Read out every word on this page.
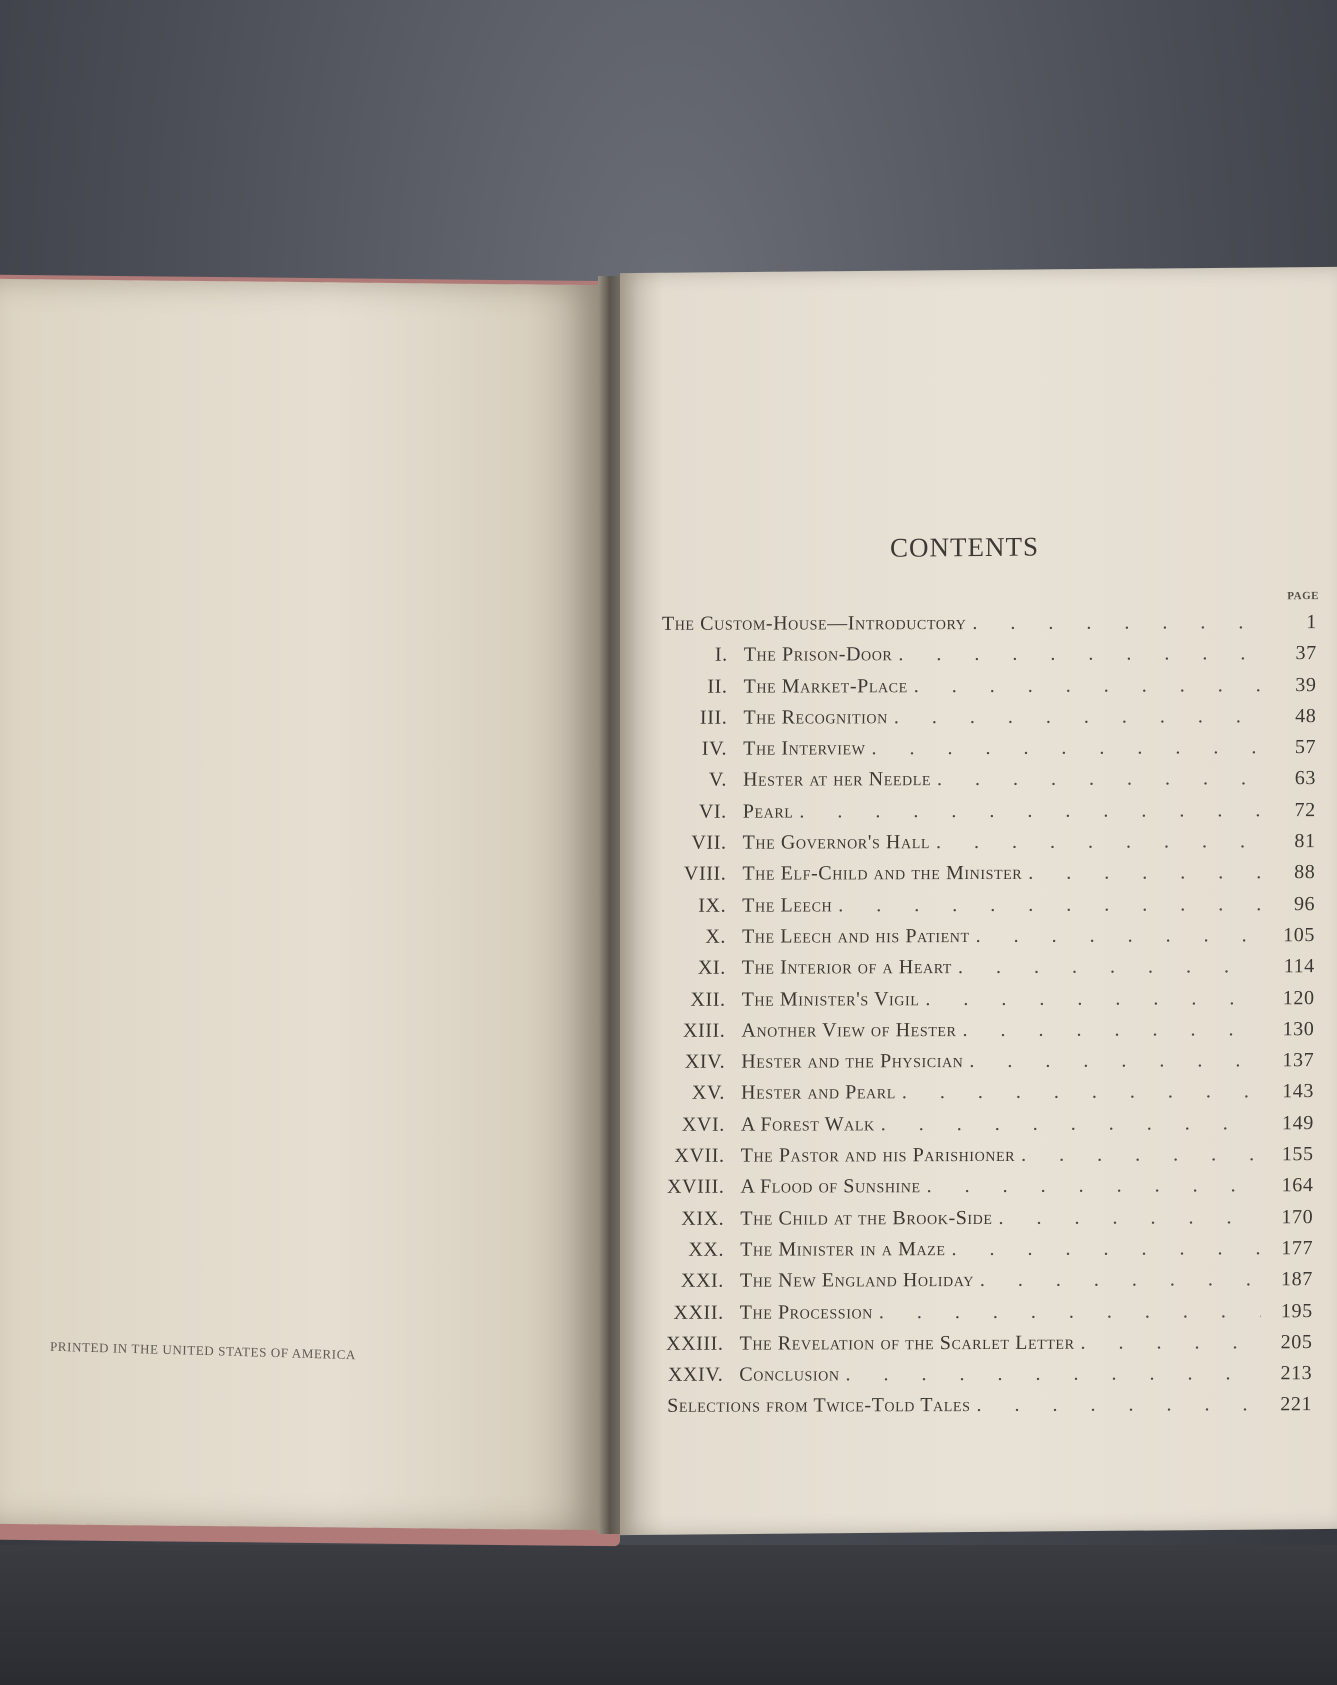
PRINTED IN THE UNITED STATES OF AMERICA
CONTENTS
PAGE
The Custom-House—Introductory . . .	1
I. The Prison-Door . . .	37
II. The Market-Place . . .	39
III. The Recognition . . .	48
IV. The Interview . . .	57
V. Hester at her Needle . . .	63
VI. Pearl . . .	72
VII. The Governor's Hall . . .	81
VIII. The Elf-Child and the Minister . . .	88
IX. The Leech . . .	96
X. The Leech and his Patient . . .	105
XI. The Interior of a Heart . . .	114
XII. The Minister's Vigil . . .	120
XIII. Another View of Hester . . .	130
XIV. Hester and the Physician . . .	137
XV. Hester and Pearl . . .	143
XVI. A Forest Walk . . .	149
XVII. The Pastor and his Parishioner . . .	155
XVIII. A Flood of Sunshine . . .	164
XIX. The Child at the Brook-Side . . .	170
XX. The Minister in a Maze . . .	177
XXI. The New England Holiday . . .	187
XXII. The Procession . . .	195
XXIII. The Revelation of the Scarlet Letter . . .	205
XXIV. Conclusion . . .	213
Selections from Twice-Told Tales . . .	221
